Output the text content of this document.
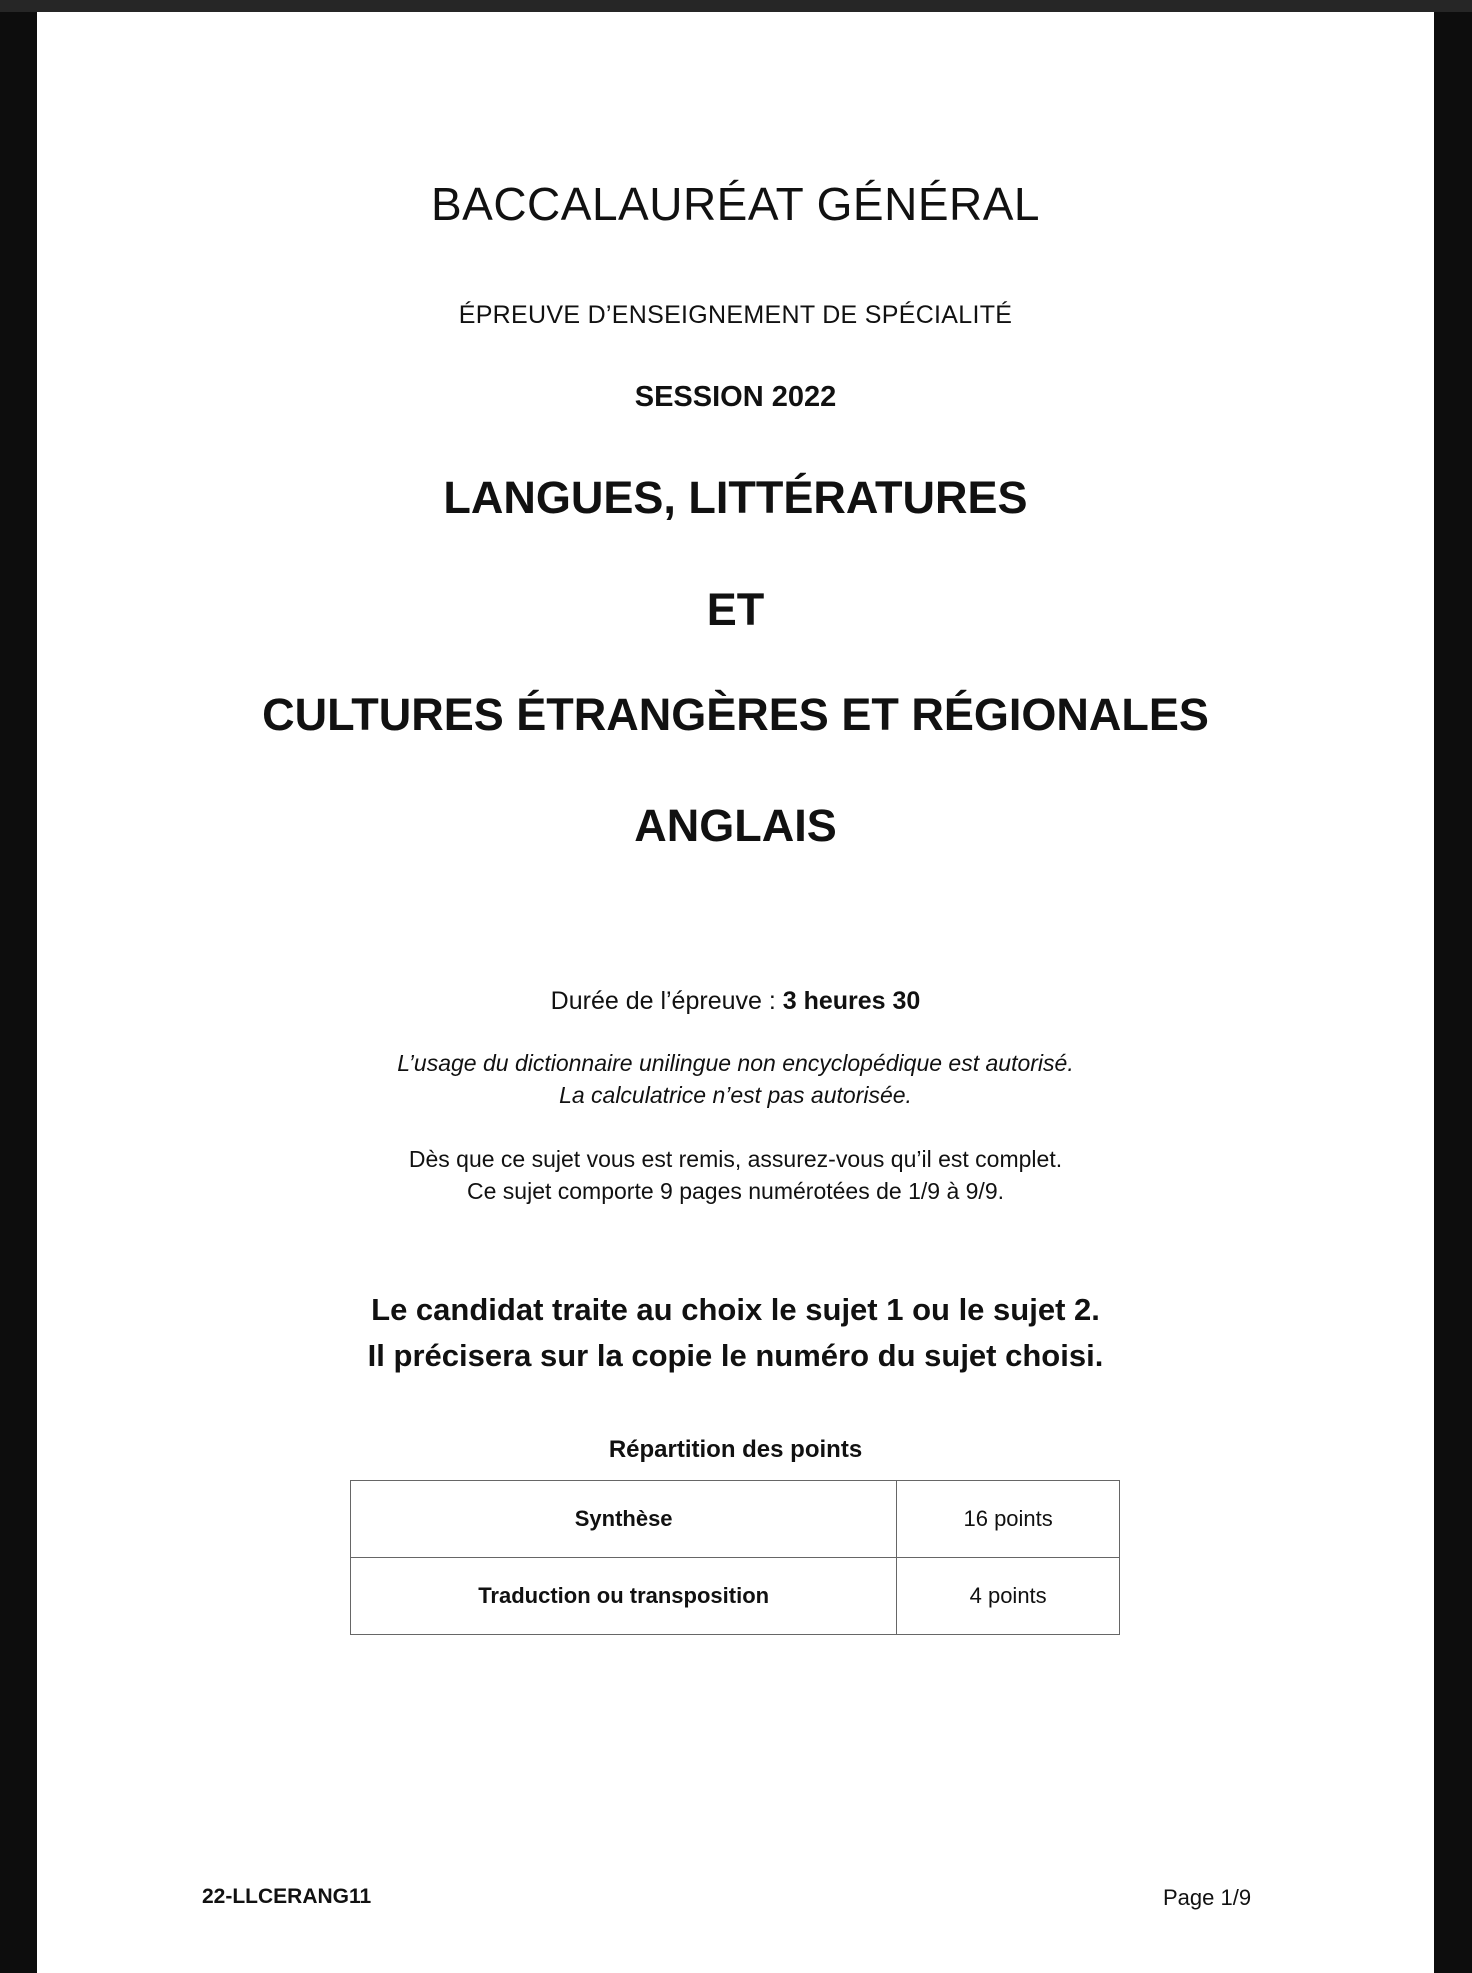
BACCALAURÉAT GÉNÉRAL
ÉPREUVE D’ENSEIGNEMENT DE SPÉCIALITÉ
SESSION 2022
LANGUES, LITTÉRATURES
ET
CULTURES ÉTRANGÈRES ET RÉGIONALES
ANGLAIS
Durée de l’épreuve : 3 heures 30
L’usage du dictionnaire unilingue non encyclopédique est autorisé.
La calculatrice n’est pas autorisée.
Dès que ce sujet vous est remis, assurez-vous qu’il est complet.
Ce sujet comporte 9 pages numérotées de 1/9 à 9/9.
Le candidat traite au choix le sujet 1 ou le sujet 2.
Il précisera sur la copie le numéro du sujet choisi.
Répartition des points
Synthèse	16 points
Traduction ou transposition	4 points
22-LLCERANG11	Page 1/9
